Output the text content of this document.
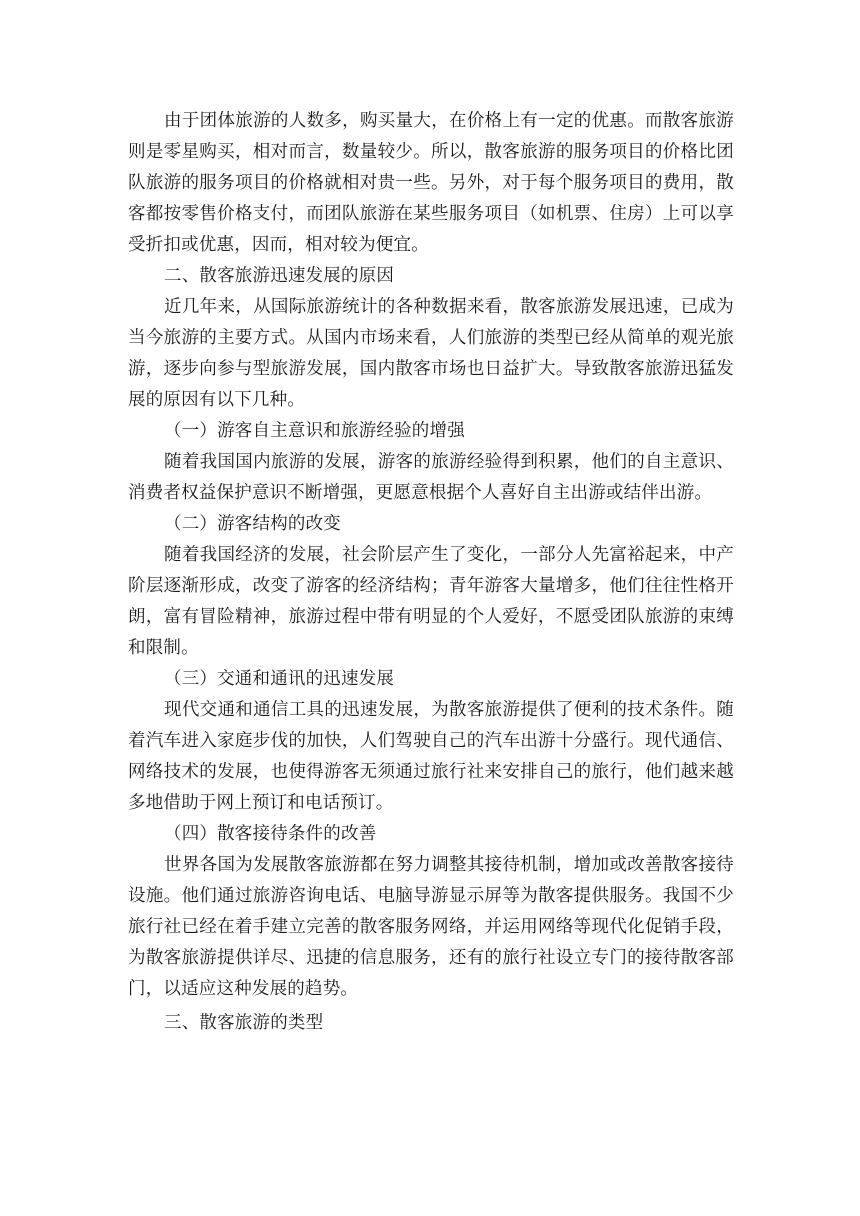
由于团体旅游的人数多，购买量大，在价格上有一定的优惠。而散客旅游则是零星购买，相对而言，数量较少。所以，散客旅游的服务项目的价格比团队旅游的服务项目的价格就相对贵一些。另外，对于每个服务项目的费用，散客都按零售价格支付，而团队旅游在某些服务项目（如机票、住房）上可以享受折扣或优惠，因而，相对较为便宜。

二、散客旅游迅速发展的原因

近几年来，从国际旅游统计的各种数据来看，散客旅游发展迅速，已成为当今旅游的主要方式。从国内市场来看，人们旅游的类型已经从简单的观光旅游，逐步向参与型旅游发展，国内散客市场也日益扩大。导致散客旅游迅猛发展的原因有以下几种。

（一）游客自主意识和旅游经验的增强

随着我国国内旅游的发展，游客的旅游经验得到积累，他们的自主意识、消费者权益保护意识不断增强，更愿意根据个人喜好自主出游或结伴出游。

（二）游客结构的改变

随着我国经济的发展，社会阶层产生了变化，一部分人先富裕起来，中产阶层逐渐形成，改变了游客的经济结构；青年游客大量增多，他们往往性格开朗，富有冒险精神，旅游过程中带有明显的个人爱好，不愿受团队旅游的束缚和限制。

（三）交通和通讯的迅速发展

现代交通和通信工具的迅速发展，为散客旅游提供了便利的技术条件。随着汽车进入家庭步伐的加快，人们驾驶自己的汽车出游十分盛行。现代通信、网络技术的发展，也使得游客无须通过旅行社来安排自己的旅行，他们越来越多地借助于网上预订和电话预订。

（四）散客接待条件的改善

世界各国为发展散客旅游都在努力调整其接待机制，增加或改善散客接待设施。他们通过旅游咨询电话、电脑导游显示屏等为散客提供服务。我国不少旅行社已经在着手建立完善的散客服务网络，并运用网络等现代化促销手段，为散客旅游提供详尽、迅捷的信息服务，还有的旅行社设立专门的接待散客部门，以适应这种发展的趋势。

三、散客旅游的类型
